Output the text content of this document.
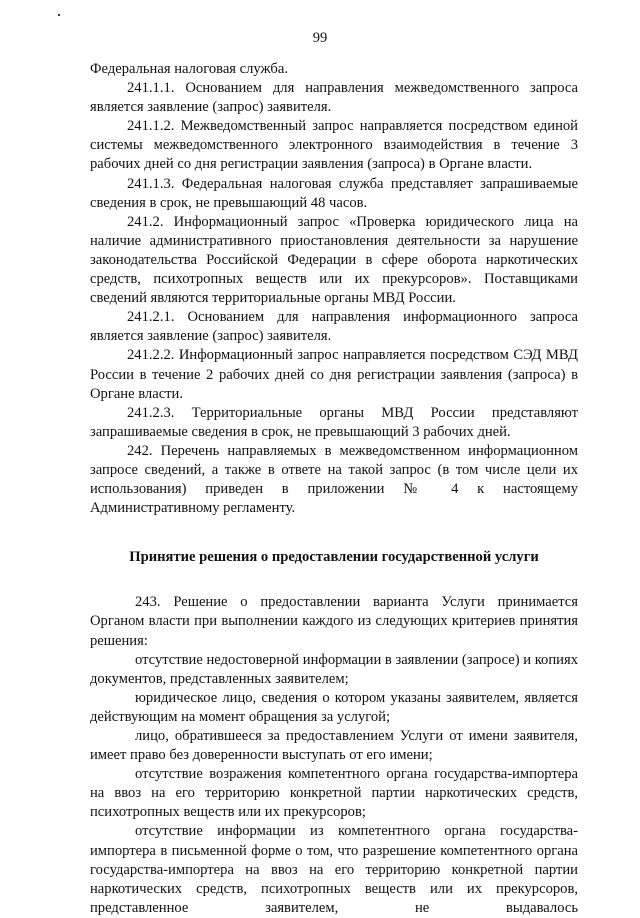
99

Федеральная налоговая служба.

241.1.1. Основанием для направления межведомственного запроса является заявление (запрос) заявителя.

241.1.2. Межведомственный запрос направляется посредством единой системы межведомственного электронного взаимодействия в течение 3 рабочих дней со дня регистрации заявления (запроса) в Органе власти.

241.1.3. Федеральная налоговая служба представляет запрашиваемые сведения в срок, не превышающий 48 часов.

241.2. Информационный запрос «Проверка юридического лица на наличие административного приостановления деятельности за нарушение законодательства Российской Федерации в сфере оборота наркотических средств, психотропных веществ или их прекурсоров». Поставщиками сведений являются территориальные органы МВД России.

241.2.1. Основанием для направления информационного запроса является заявление (запрос) заявителя.

241.2.2. Информационный запрос направляется посредством СЭД МВД России в течение 2 рабочих дней со дня регистрации заявления (запроса) в Органе власти.

241.2.3. Территориальные органы МВД России представляют запрашиваемые сведения в срок, не превышающий 3 рабочих дней.

242. Перечень направляемых в межведомственном информационном запросе сведений, а также в ответе на такой запрос (в том числе цели их использования) приведен в приложении № 4 к настоящему Административному регламенту.

Принятие решения о предоставлении государственной услуги

243. Решение о предоставлении варианта Услуги принимается Органом власти при выполнении каждого из следующих критериев принятия решения:

отсутствие недостоверной информации в заявлении (запросе) и копиях документов, представленных заявителем;

юридическое лицо, сведения о котором указаны заявителем, является действующим на момент обращения за услугой;

лицо, обратившееся за предоставлением Услуги от имени заявителя, имеет право без доверенности выступать от его имени;

отсутствие возражения компетентного органа государства-импортера на ввоз на его территорию конкретной партии наркотических средств, психотропных веществ или их прекурсоров;

отсутствие информации из компетентного органа государства-импортера в письменной форме о том, что разрешение компетентного органа государства-импортера на ввоз на его территорию конкретной партии наркотических средств, психотропных веществ или их прекурсоров, представленное заявителем, не выдавалось
